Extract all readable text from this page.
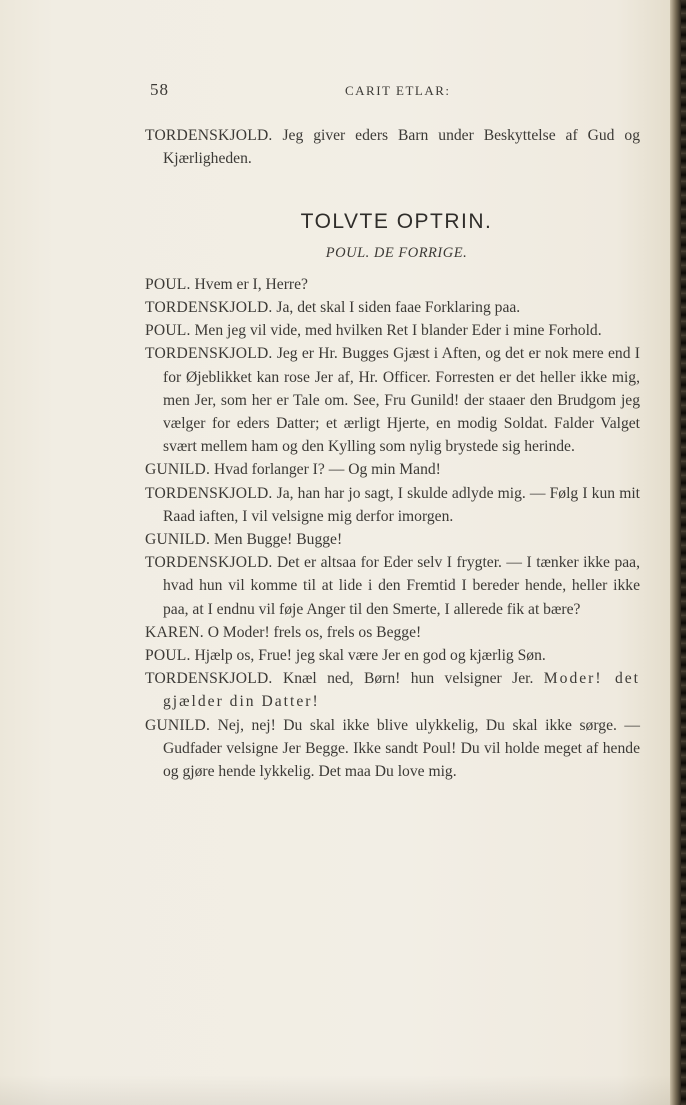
58	CARIT ETLAR:
TORDENSKJOLD. Jeg giver eders Barn under Beskyttelse af Gud og Kjærligheden.
TOLVTE OPTRIN.
POUL. DE FORRIGE.
POUL. Hvem er I, Herre?
TORDENSKJOLD. Ja, det skal I siden faae Forklaring paa.
POUL. Men jeg vil vide, med hvilken Ret I blander Eder i mine Forhold.
TORDENSKJOLD. Jeg er Hr. Bugges Gjæst i Aften, og det er nok mere end I for Øjeblikket kan rose Jer af, Hr. Officer. Forresten er det heller ikke mig, men Jer, som her er Tale om. See, Fru Gunild! der staaer den Brudgom jeg vælger for eders Datter; et ærligt Hjerte, en modig Soldat. Falder Valget svært mellem ham og den Kylling som nylig brystede sig herinde.
GUNILD. Hvad forlanger I? — Og min Mand!
TORDENSKJOLD. Ja, han har jo sagt, I skulde adlyde mig. — Følg I kun mit Raad iaften, I vil velsigne mig derfor imorgen.
GUNILD. Men Bugge! Bugge!
TORDENSKJOLD. Det er altsaa for Eder selv I frygter. — I tænker ikke paa, hvad hun vil komme til at lide i den Fremtid I bereder hende, heller ikke paa, at I endnu vil føje Anger til den Smerte, I allerede fik at bære?
KAREN. O Moder! frels os, frels os Begge!
POUL. Hjælp os, Frue! jeg skal være Jer en god og kjærlig Søn.
TORDENSKJOLD. Knæl ned, Børn! hun velsigner Jer. Moder! det gjælder din Datter!
GUNILD. Nej, nej! Du skal ikke blive ulykkelig, Du skal ikke sørge. — Gudfader velsigne Jer Begge. Ikke sandt Poul! Du vil holde meget af hende og gjøre hende lykkelig. Det maa Du love mig.
